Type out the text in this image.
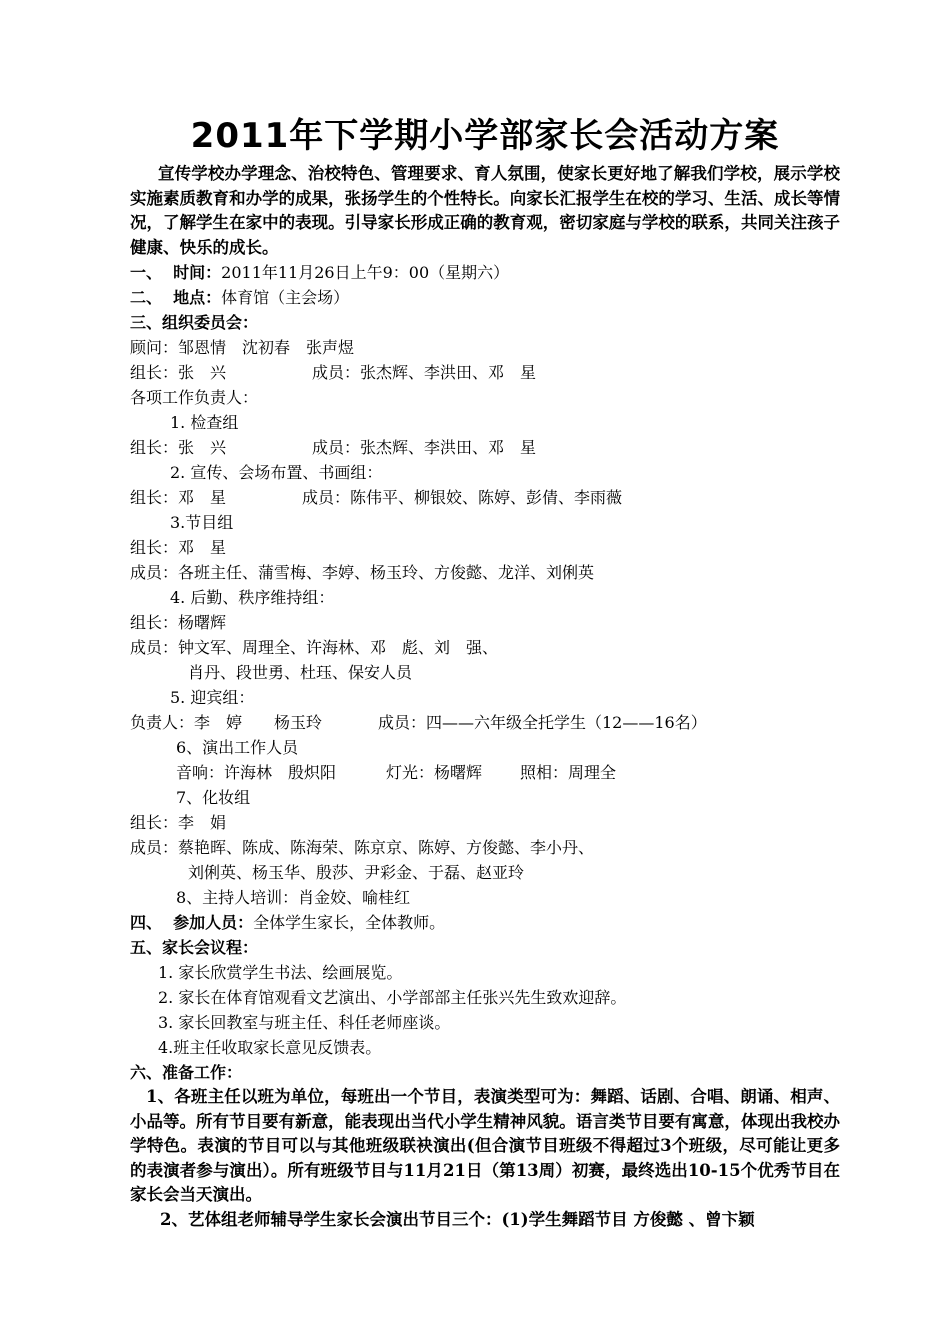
2011年下学期小学部家长会活动方案

宣传学校办学理念、治校特色、管理要求、育人氛围，使家长更好地了解我们学校，展示学校实施素质教育和办学的成果，张扬学生的个性特长。向家长汇报学生在校的学习、生活、成长等情况，了解学生在家中的表现。引导家长形成正确的教育观，密切家庭与学校的联系，共同关注孩子健康、快乐的成长。

一、  时间：2011年11月26日上午9：00（星期六）
二、  地点：体育馆（主会场）
三、组织委员会：
顾问：邹恩情　沈初春　张声煜
组长：张　兴	成员：张杰辉、李洪田、邓　星
各项工作负责人：
1. 检查组
组长：张　兴	成员：张杰辉、李洪田、邓　星
2. 宣传、会场布置、书画组：
组长：邓　星	成员：陈伟平、柳银姣、陈婷、彭倩、李雨薇
3.节目组
组长：邓　星
成员：各班主任、蒲雪梅、李婷、杨玉玲、方俊懿、龙洋、刘俐英
4. 后勤、秩序维持组：
组长：杨曙辉
成员：钟文军、周理全、许海林、邓　彪、刘　强、
肖丹、段世勇、杜珏、保安人员
5. 迎宾组：
负责人：李　婷　　杨玉玲	成员：四——六年级全托学生（12——16名）
6、演出工作人员
音响：许海林　殷炽阳	灯光：杨曙辉 照相：周理全
7、化妆组
组长：李　娟
成员：蔡艳晖、陈成、陈海荣、陈京京、陈婷、方俊懿、李小丹、
刘俐英、杨玉华、殷莎、尹彩金、于磊、赵亚玲
8、主持人培训：肖金姣、喻桂红
四、  参加人员：全体学生家长，全体教师。
五、家长会议程：
1. 家长欣赏学生书法、绘画展览。
2. 家长在体育馆观看文艺演出、小学部部主任张兴先生致欢迎辞。
3. 家长回教室与班主任、科任老师座谈。
4.班主任收取家长意见反馈表。
六、准备工作：

1、各班主任以班为单位，每班出一个节目，表演类型可为：舞蹈、话剧、合唱、朗诵、相声、小品等。所有节目要有新意，能表现出当代小学生精神风貌。语言类节目要有寓意，体现出我校办学特色。表演的节目可以与其他班级联袂演出(但合演节目班级不得超过3个班级，尽可能让更多的表演者参与演出）。所有班级节目与11月21日（第13周）初赛，最终选出10-15个优秀节目在家长会当天演出。

2、艺体组老师辅导学生家长会演出节目三个：(1)学生舞蹈节目 方俊懿 、曾卞颖
